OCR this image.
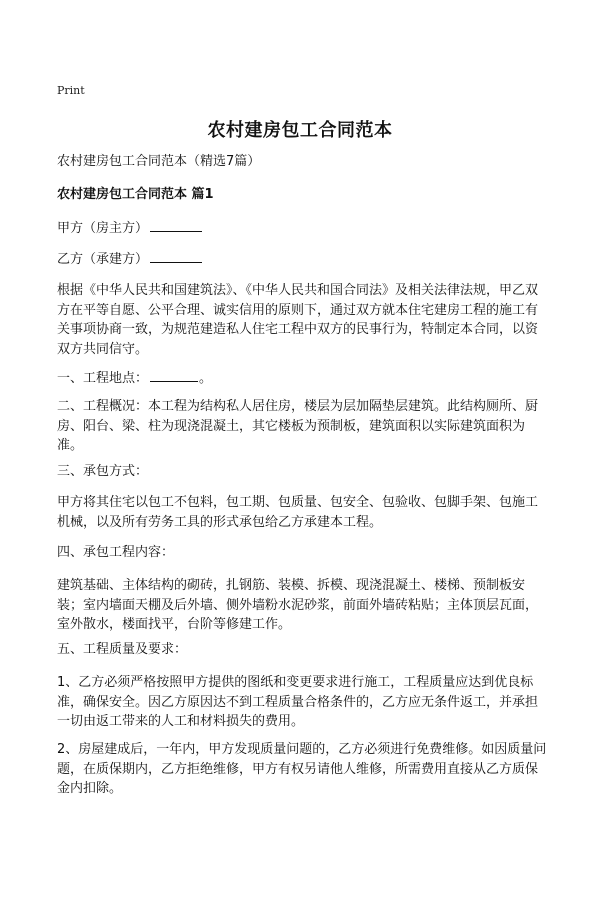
Print
农村建房包工合同范本
农村建房包工合同范本（精选7篇）
农村建房包工合同范本 篇1
甲方（房主方）
乙方（承建方）
根据《中华人民共和国建筑法》、《中华人民共和国合同法》及相关法律法规，甲乙双方在平等自愿、公平合理、诚实信用的原则下，通过双方就本住宅建房工程的施工有关事项协商一致，为规范建造私人住宅工程中双方的民事行为，特制定本合同，以资双方共同信守。
一、工程地点：	。
二、工程概况：本工程为结构私人居住房，楼层为层加隔垫层建筑。此结构厕所、厨房、阳台、梁、柱为现浇混凝土，其它楼板为预制板，建筑面积以实际建筑面积为准。
三、承包方式：
甲方将其住宅以包工不包料，包工期、包质量、包安全、包验收、包脚手架、包施工机械，以及所有劳务工具的形式承包给乙方承建本工程。
四、承包工程内容：
建筑基础、主体结构的砌砖，扎钢筋、装模、拆模、现浇混凝土、楼梯、预制板安装；室内墙面天棚及后外墙、侧外墙粉水泥砂浆，前面外墙砖粘贴；主体顶层瓦面，室外散水，楼面找平，台阶等修建工作。
五、工程质量及要求：
1、乙方必须严格按照甲方提供的图纸和变更要求进行施工，工程质量应达到优良标准，确保安全。因乙方原因达不到工程质量合格条件的，乙方应无条件返工，并承担一切由返工带来的人工和材料损失的费用。
2、房屋建成后，一年内，甲方发现质量问题的，乙方必须进行免费维修。如因质量问题，在质保期内，乙方拒绝维修，甲方有权另请他人维修，所需费用直接从乙方质保金内扣除。
